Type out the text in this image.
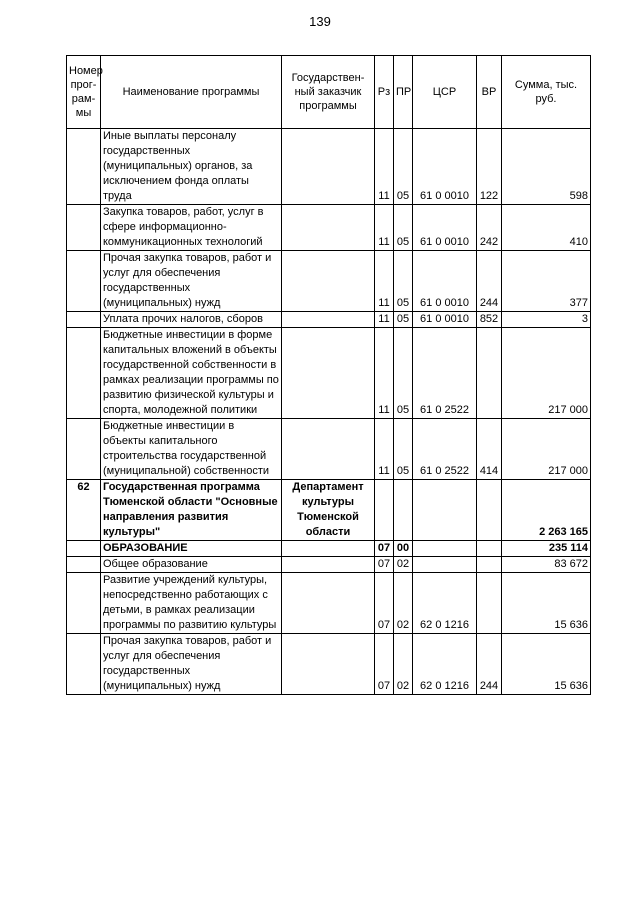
139
Номер прог-рам-мы	Наименование программы	Государствен-ный заказчик программы	Рз	ПР	ЦСР	ВР	Сумма, тыс. руб.
	Иные выплаты персоналу государственных (муниципальных) органов, за исключением фонда оплаты труда		11	05	61 0 0010	122	598
	Закупка товаров, работ, услуг в сфере информационно-коммуникационных технологий		11	05	61 0 0010	242	410
	Прочая закупка товаров, работ и услуг для обеспечения государственных (муниципальных) нужд		11	05	61 0 0010	244	377
	Уплата прочих налогов, сборов		11	05	61 0 0010	852	3
	Бюджетные инвестиции в форме капитальных вложений в объекты государственной собственности в рамках реализации программы по развитию физической культуры и спорта, молодежной политики		11	05	61 0 2522		217 000
	Бюджетные инвестиции в объекты капитального строительства государственной (муниципальной) собственности		11	05	61 0 2522	414	217 000
62	Государственная программа Тюменской области "Основные направления развития культуры"	Департамент культуры Тюменской области					2 263 165
	ОБРАЗОВАНИЕ		07	00			235 114
	Общее образование		07	02			83 672
	Развитие учреждений культуры, непосредственно работающих с детьми, в рамках реализации программы по развитию культуры		07	02	62 0 1216		15 636
	Прочая закупка товаров, работ и услуг для обеспечения государственных (муниципальных) нужд		07	02	62 0 1216	244	15 636
